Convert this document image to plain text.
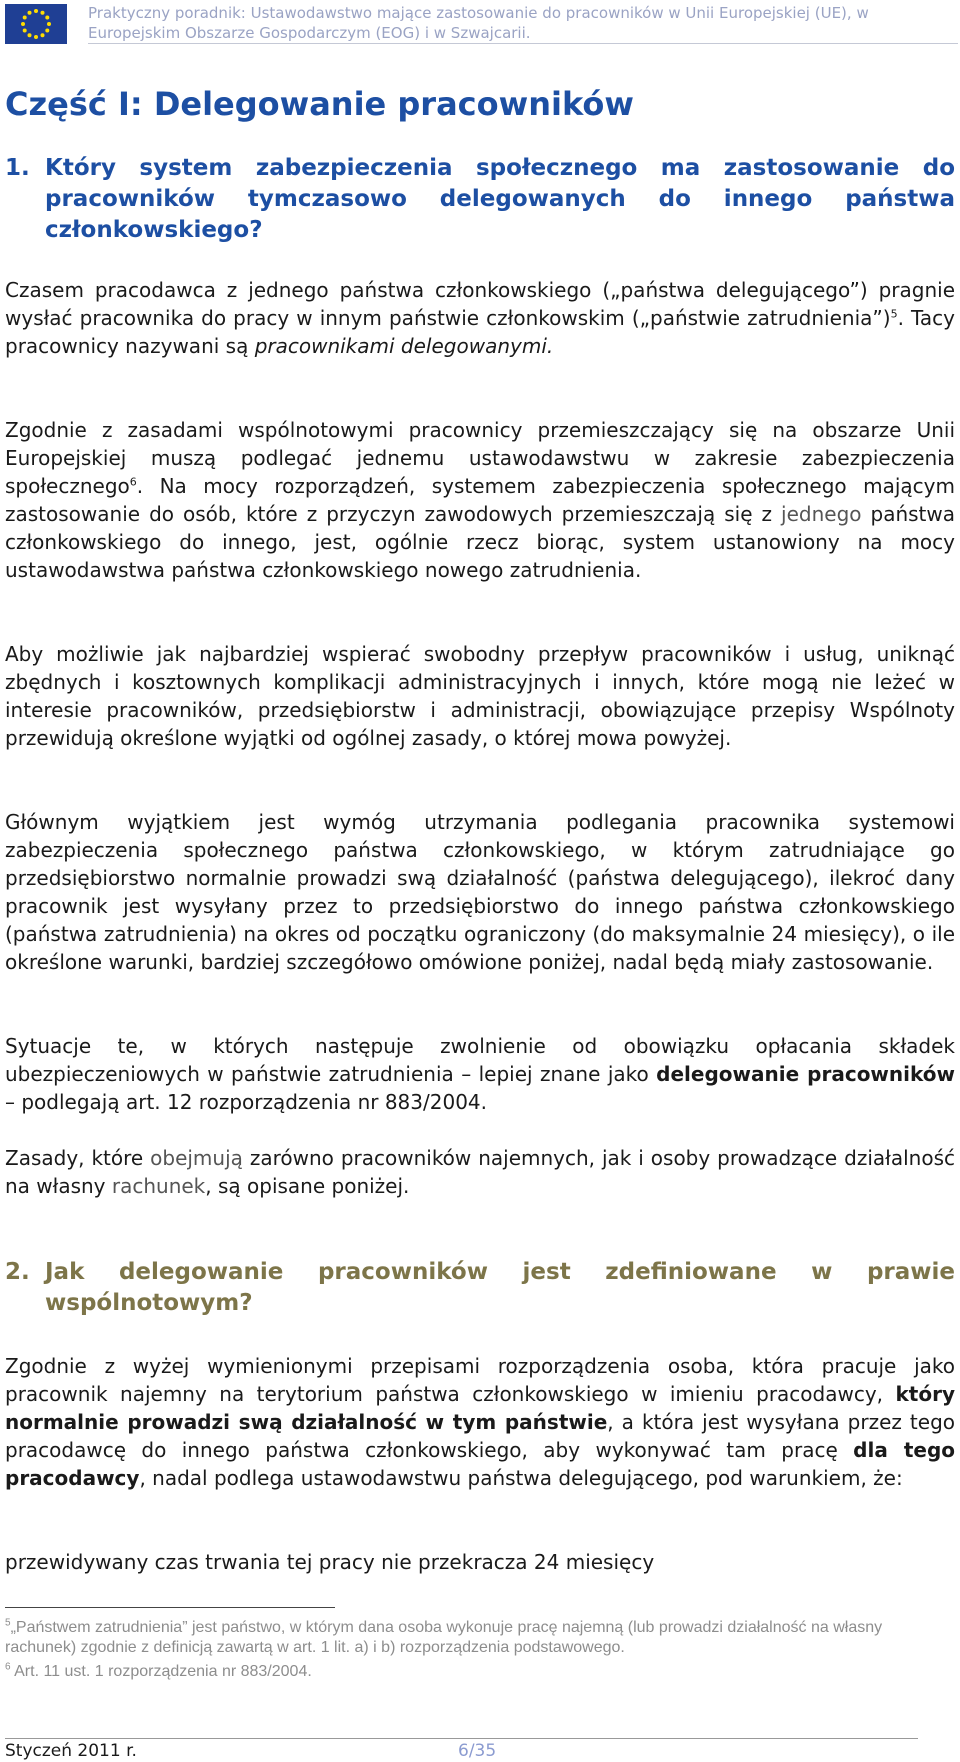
Praktyczny poradnik: Ustawodawstwo mające zastosowanie do pracowników w Unii Europejskiej (UE), w Europejskim Obszarze Gospodarczym (EOG) i w Szwajcarii.
Część I: Delegowanie pracowników
1. Który system zabezpieczenia społecznego ma zastosowanie do pracowników tymczasowo delegowanych do innego państwa członkowskiego?
Czasem pracodawca z jednego państwa członkowskiego („państwa delegującego”) pragnie wysłać pracownika do pracy w innym państwie członkowskim („państwie zatrudnienia”)$^5$. Tacy pracownicy nazywani są pracownikami delegowanymi.
Zgodnie z zasadami wspólnotowymi pracownicy przemieszczający się na obszarze Unii Europejskiej muszą podlegać jednemu ustawodawstwu w zakresie zabezpieczenia społecznego$^6$. Na mocy rozporządzeń, systemem zabezpieczenia społecznego mającym zastosowanie do osób, które z przyczyn zawodowych przemieszczają się z jednego państwa członkowskiego do innego, jest, ogólnie rzecz biorąc, system ustanowiony na mocy ustawodawstwa państwa członkowskiego nowego zatrudnienia.
Aby możliwie jak najbardziej wspierać swobodny przepływ pracowników i usług, uniknąć zbędnych i kosztownych komplikacji administracyjnych i innych, które mogą nie leżeć w interesie pracowników, przedsiębiorstw i administracji, obowiązujące przepisy Wspólnoty przewidują określone wyjątki od ogólnej zasady, o której mowa powyżej.
Głównym wyjątkiem jest wymóg utrzymania podlegania pracownika systemowi zabezpieczenia społecznego państwa członkowskiego, w którym zatrudniające go przedsiębiorstwo normalnie prowadzi swą działalność (państwa delegującego), ilekroć dany pracownik jest wysyłany przez to przedsiębiorstwo do innego państwa członkowskiego (państwa zatrudnienia) na okres od początku ograniczony (do maksymalnie 24 miesięcy), o ile określone warunki, bardziej szczegółowo omówione poniżej, nadal będą miały zastosowanie.
Sytuacje te, w których następuje zwolnienie od obowiązku opłacania składek ubezpieczeniowych w państwie zatrudnienia – lepiej znane jako delegowanie pracowników – podlegają art. 12 rozporządzenia nr 883/2004.
Zasady, które obejmują zarówno pracowników najemnych, jak i osoby prowadzące działalność na własny rachunek, są opisane poniżej.
2. Jak delegowanie pracowników jest zdefiniowane w prawie wspólnotowym?
Zgodnie z wyżej wymienionymi przepisami rozporządzenia osoba, która pracuje jako pracownik najemny na terytorium państwa członkowskiego w imieniu pracodawcy, który normalnie prowadzi swą działalność w tym państwie, a która jest wysyłana przez tego pracodawcę do innego państwa członkowskiego, aby wykonywać tam pracę dla tego pracodawcy, nadal podlega ustawodawstwu państwa delegującego, pod warunkiem, że:
przewidywany czas trwania tej pracy nie przekracza 24 miesięcy
$^5$„Państwem zatrudnienia” jest państwo, w którym dana osoba wykonuje pracę najemną (lub prowadzi działalność na własny rachunek) zgodnie z definicją zawartą w art. 1 lit. a) i b) rozporządzenia podstawowego.
$^6$ Art. 11 ust. 1 rozporządzenia nr 883/2004.
Styczeń 2011 r.	6/35
